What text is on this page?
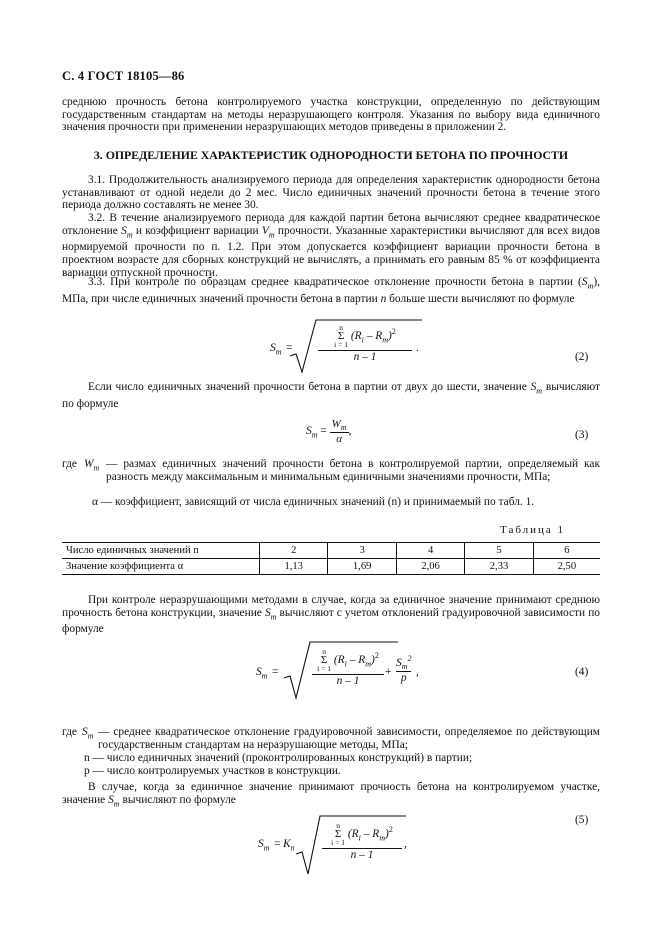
С. 4 ГОСТ 18105—86
среднюю прочность бетона контролируемого участка конструкции, определенную по действующим государственным стандартам на методы неразрушающего контроля. Указания по выбору вида единичного значения прочности при применении неразрушающих методов приведены в приложении 2.
3. ОПРЕДЕЛЕНИЕ ХАРАКТЕРИСТИК ОДНОРОДНОСТИ БЕТОНА ПО ПРОЧНОСТИ
3.1. Продолжительность анализируемого периода для определения характеристик однородности бетона устанавливают от одной недели до 2 мес. Число единичных значений прочности бетона в течение этого периода должно составлять не менее 30.
3.2. В течение анализируемого периода для каждой партии бетона вычисляют среднее квадратическое отклонение $S_m$ и коэффициент вариации $V_m$ прочности. Указанные характеристики вычисляют для всех видов нормируемой прочности по п. 1.2. При этом допускается коэффициент вариации прочности бетона в проектном возрасте для сборных конструкций не вычислять, а принимать его равным 85 % от коэффициента вариации отпускной прочности.
3.3. При контроле по образцам среднее квадратическое отклонение прочности бетона в партии $(S_m)$, МПа, при числе единичных значений прочности бетона в партии n больше шести вычисляют по формуле
$S_m$ =
n
Σ
i = 1 $(R_i - R_m)^2$
n – 1
.
(2)
Если число единичных значений прочности бетона в партии от двух до шести, значение $S_m$ вычисляют по формуле
$S_m = \frac{W_m}{\alpha}$ ,	(3)
где $W_m$ — размах единичных значений прочности бетона в контролируемой партии, определяемый как разность между максимальным и минимальным единичными значениями прочности, МПа;
α — коэффициент, зависящий от числа единичных значений (n) и принимаемый по табл. 1.
Таблица 1
Число единичных значений n	2	3	4	5	6
Значение коэффициента α	1,13	1,69	2,06	2,33	2,50
При контроле неразрушающими методами в случае, когда за единичное значение принимают среднюю прочность бетона конструкции, значение $S_m$ вычисляют с учетом отклонений градуировочной зависимости по формуле
$S_m$ =
n
Σ
i = 1 $(R_i - R_m)^2$
n – 1
+
$S_т^2$
p
,	(4)
где $S_т$ — среднее квадратическое отклонение градуировочной зависимости, определяемое по действующим государственным стандартам на неразрушающие методы, МПа;
n — число единичных значений (проконтролированных конструкций) в партии;
p — число контролируемых участков в конструкции.
В случае, когда за единичное значение принимают прочность бетона на контролируемом участке, значение $S_m$ вычисляют по формуле
$S_m = K_n$
n
Σ
i = 1 $(R_i - R_m)^2$
n – 1
,
(5)
